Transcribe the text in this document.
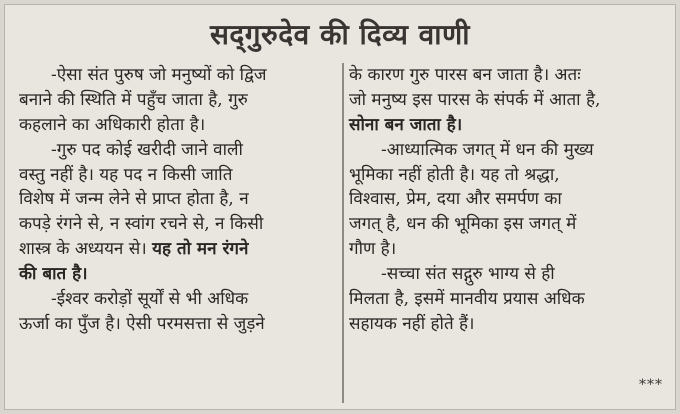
सद्‌गुरुदेव की दिव्य वाणी
-ऐसा संत पुरुष जो मनुष्यों को द्विज
बनाने की स्थिति में पहुँच जाता है, गुरु
कहलाने का अधिकारी होता है।
-गुरु पद कोई खरीदी जाने वाली
वस्तु नहीं है। यह पद न किसी जाति
विशेष में जन्म लेने से प्राप्त होता है, न
कपड़े रंगने से, न स्वांग रचने से, न किसी
शास्त्र के अध्ययन से। यह तो मन रंगने
की बात है।
-ईश्वर करोड़ों सूर्यों से भी अधिक
ऊर्जा का पुँज है। ऐसी परमसत्ता से जुड़ने
के कारण गुरु पारस बन जाता है। अतः
जो मनुष्य इस पारस के संपर्क में आता है,
सोना बन जाता है।
-आध्यात्मिक जगत् में धन की मुख्य
भूमिका नहीं होती है। यह तो श्रद्धा,
विश्वास, प्रेम, दया और समर्पण का
जगत् है, धन की भूमिका इस जगत् में
गौण है।
-सच्चा संत सद्गुरु भाग्य से ही
मिलता है, इसमें मानवीय प्रयास अधिक
सहायक नहीं होते हैं।
***
